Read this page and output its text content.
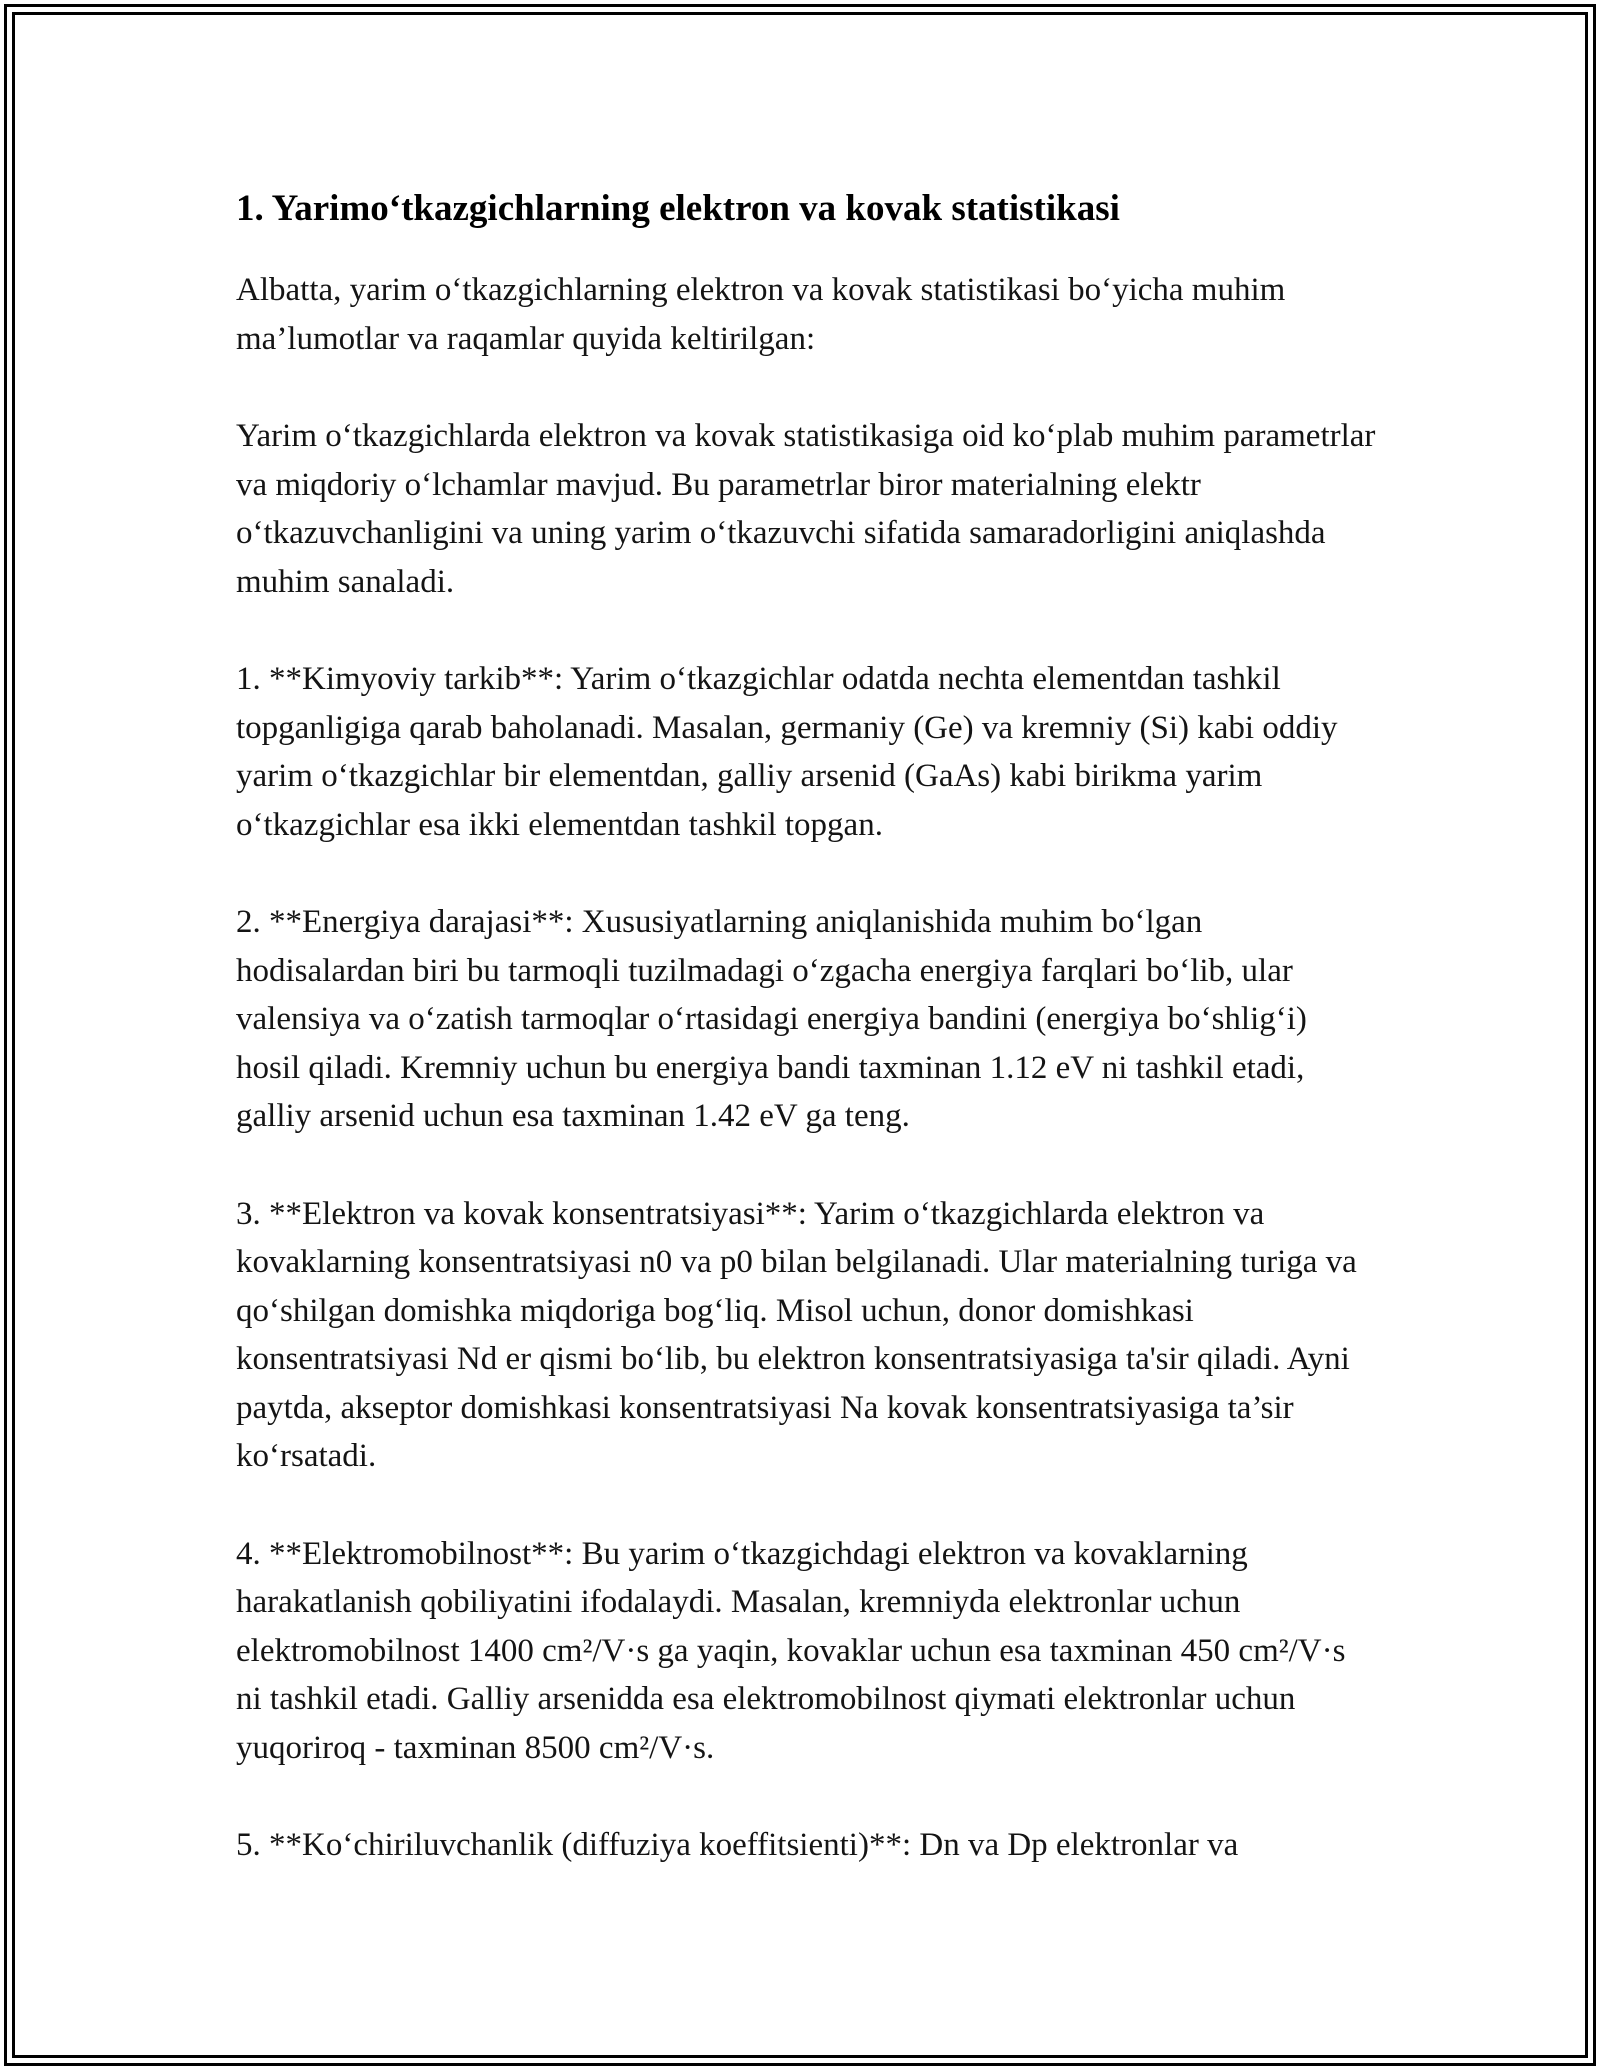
1. Yarimo‘tkazgichlarning elektron va kovak statistikasi

Albatta, yarim o‘tkazgichlarning elektron va kovak statistikasi bo‘yicha muhim ma’lumotlar va raqamlar quyida keltirilgan:

Yarim o‘tkazgichlarda elektron va kovak statistikasiga oid ko‘plab muhim parametrlar va miqdoriy o‘lchamlar mavjud. Bu parametrlar biror materialning elektr o‘tkazuvchanligini va uning yarim o‘tkazuvchi sifatida samaradorligini aniqlashda muhim sanaladi.

1. **Kimyoviy tarkib**: Yarim o‘tkazgichlar odatda nechta elementdan tashkil topganligiga qarab baholanadi. Masalan, germaniy (Ge) va kremniy (Si) kabi oddiy yarim o‘tkazgichlar bir elementdan, galliy arsenid (GaAs) kabi birikma yarim o‘tkazgichlar esa ikki elementdan tashkil topgan.

2. **Energiya darajasi**: Xususiyatlarning aniqlanishida muhim bo‘lgan hodisalardan biri bu tarmoqli tuzilmadagi o‘zgacha energiya farqlari bo‘lib, ular valensiya va o‘zatish tarmoqlar o‘rtasidagi energiya bandini (energiya bo‘shlig‘i) hosil qiladi. Kremniy uchun bu energiya bandi taxminan 1.12 eV ni tashkil etadi, galliy arsenid uchun esa taxminan 1.42 eV ga teng.

3. **Elektron va kovak konsentratsiyasi**: Yarim o‘tkazgichlarda elektron va kovaklarning konsentratsiyasi n0 va p0 bilan belgilanadi. Ular materialning turiga va qo‘shilgan domishka miqdoriga bog‘liq. Misol uchun, donor domishkasi konsentratsiyasi Nd er qismi bo‘lib, bu elektron konsentratsiyasiga ta'sir qiladi. Ayni paytda, akseptor domishkasi konsentratsiyasi Na kovak konsentratsiyasiga ta’sir ko‘rsatadi.

4. **Elektromobilnost**: Bu yarim o‘tkazgichdagi elektron va kovaklarning harakatlanish qobiliyatini ifodalaydi. Masalan, kremniyda elektronlar uchun elektromobilnost 1400 cm²/V·s ga yaqin, kovaklar uchun esa taxminan 450 cm²/V·s ni tashkil etadi. Galliy arsenidda esa elektromobilnost qiymati elektronlar uchun yuqoriroq - taxminan 8500 cm²/V·s.

5. **Ko‘chiriluvchanlik (diffuziya koeffitsienti)**: Dn va Dp elektronlar va
